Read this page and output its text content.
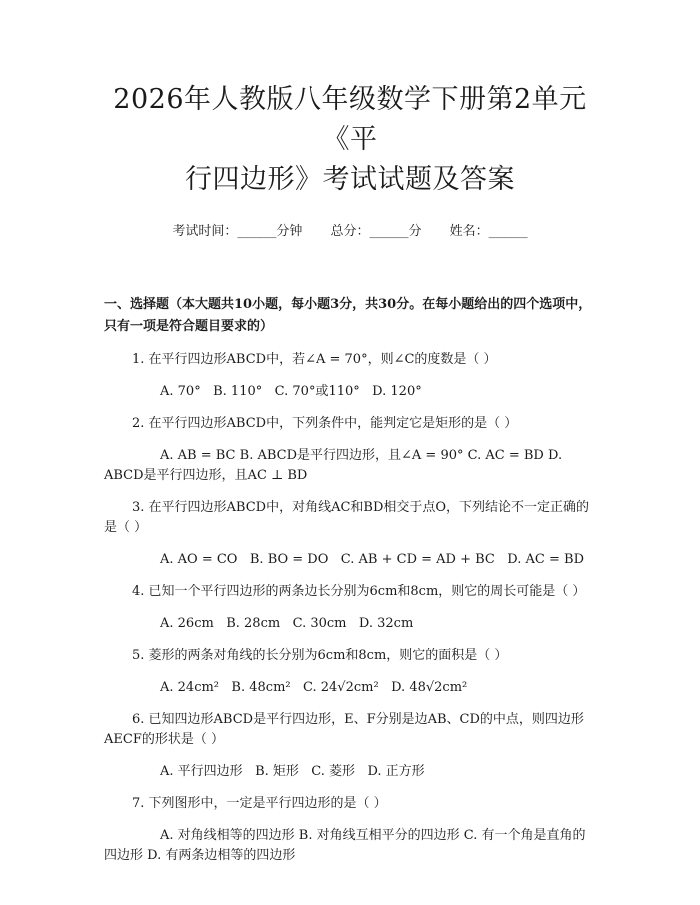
2026年人教版八年级数学下册第2单元《平
行四边形》考试试题及答案
考试时间：______分钟 总分：______分 姓名：______
一、选择题（本大题共10小题，每小题3分，共30分。在每小题给出的四个选项中，只有一项是符合题目要求的）
1. 在平行四边形ABCD中，若∠A = 70°，则∠C的度数是（ ）
A. 70° B. 110° C. 70°或110° D. 120°
2. 在平行四边形ABCD中，下列条件中，能判定它是矩形的是（ ）
A. AB = BC B. ABCD是平行四边形，且∠A = 90° C. AC = BD D. ABCD是平行四边形，且AC ⊥ BD
3. 在平行四边形ABCD中，对角线AC和BD相交于点O，下列结论不一定正确的是（ ）
A. AO = CO B. BO = DO C. AB + CD = AD + BC D. AC = BD
4. 已知一个平行四边形的两条边长分别为6cm和8cm，则它的周长可能是（ ）
A. 26cm B. 28cm C. 30cm D. 32cm
5. 菱形的两条对角线的长分别为6cm和8cm，则它的面积是（ ）
A. 24cm² B. 48cm² C. 24√2cm² D. 48√2cm²
6. 已知四边形ABCD是平行四边形，E、F分别是边AB、CD的中点，则四边形AECF的形状是（ ）
A. 平行四边形 B. 矩形 C. 菱形 D. 正方形
7. 下列图形中，一定是平行四边形的是（ ）
A. 对角线相等的四边形 B. 对角线互相平分的四边形 C. 有一个角是直角的四边形 D. 有两条边相等的四边形
